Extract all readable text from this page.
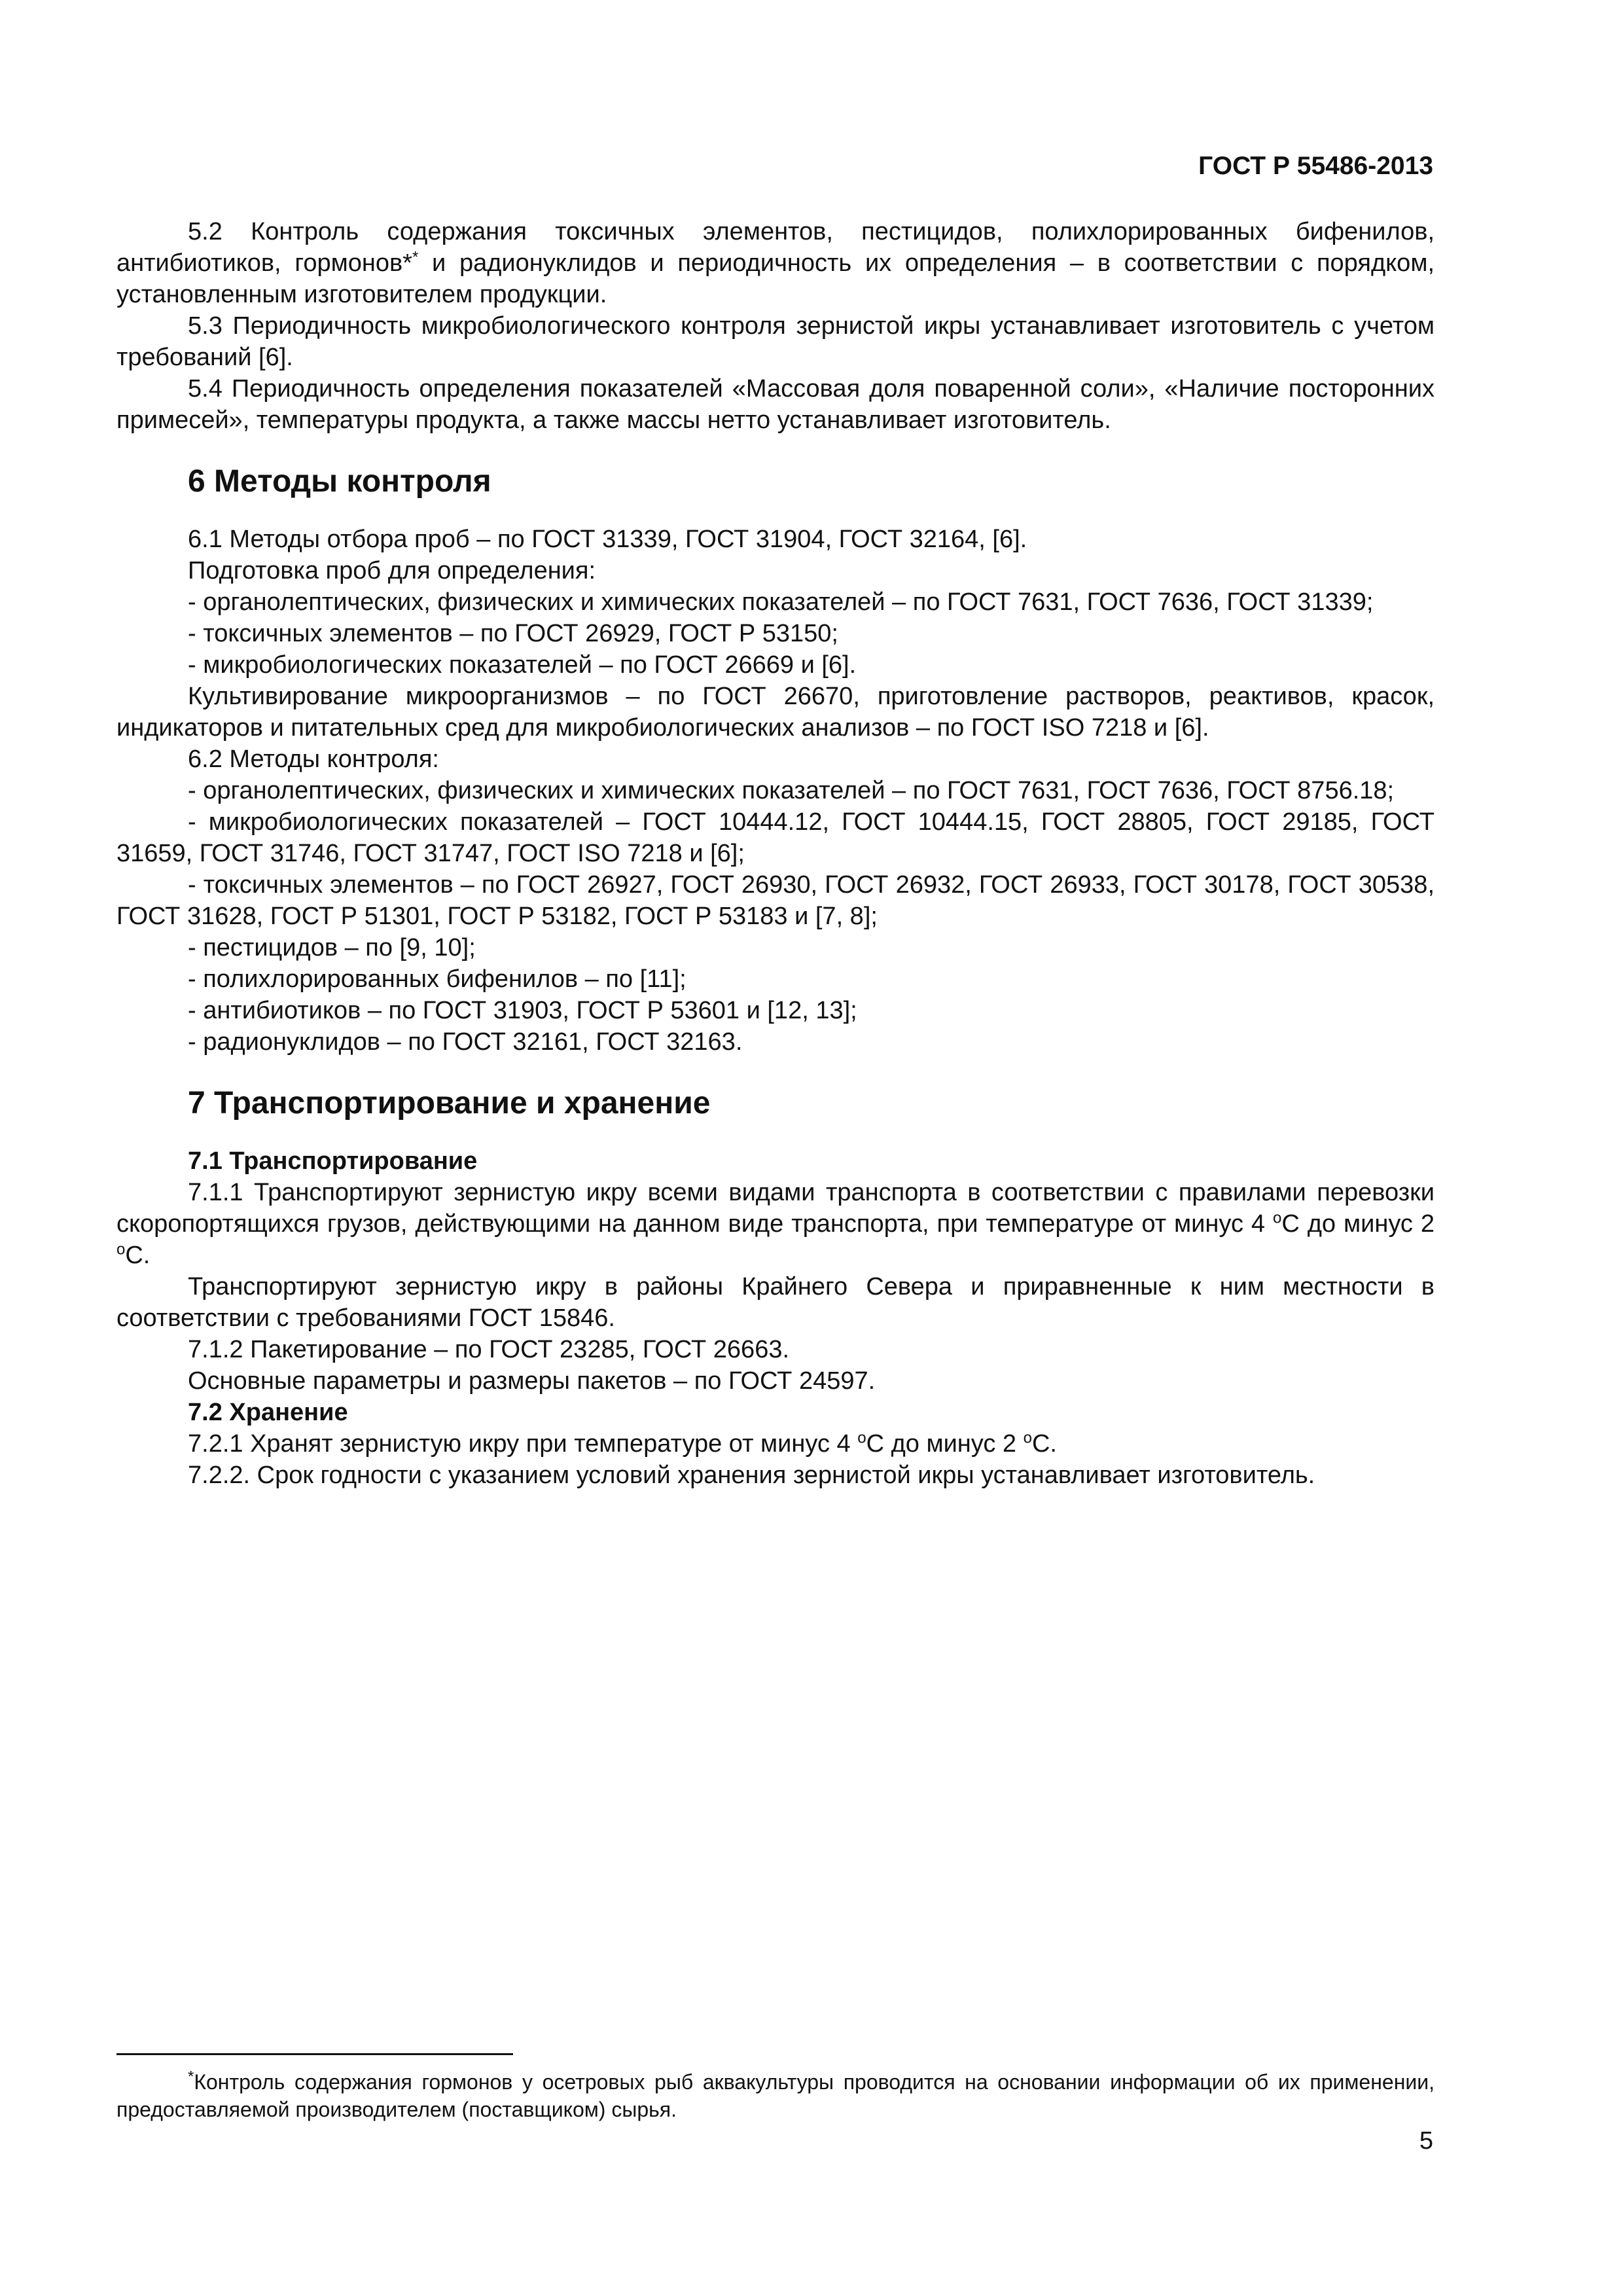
ГОСТ Р 55486-2013

5.2 Контроль содержания токсичных элементов, пестицидов, полихлорированных бифенилов, антибиотиков, гормонов** и радионуклидов и периодичность их определения – в соответствии с порядком, установленным изготовителем продукции.

5.3 Периодичность микробиологического контроля зернистой икры устанавливает изготовитель с учетом требований [6].

5.4 Периодичность определения показателей «Массовая доля поваренной соли», «Наличие посторонних примесей», температуры продукта, а также массы нетто устанавливает изготовитель.

6 Методы контроля

6.1 Методы отбора проб – по ГОСТ 31339, ГОСТ 31904, ГОСТ 32164, [6].

Подготовка проб для определения:

- органолептических, физических и химических показателей – по ГОСТ 7631, ГОСТ 7636, ГОСТ 31339;

- токсичных элементов – по ГОСТ 26929, ГОСТ Р 53150;

- микробиологических показателей – по ГОСТ 26669 и [6].

Культивирование микроорганизмов – по ГОСТ 26670, приготовление растворов, реактивов, красок, индикаторов и питательных сред для микробиологических анализов – по ГОСТ ISO 7218 и [6].

6.2 Методы контроля:

- органолептических, физических и химических показателей – по ГОСТ 7631, ГОСТ 7636, ГОСТ 8756.18;

- микробиологических показателей – ГОСТ 10444.12, ГОСТ 10444.15, ГОСТ 28805, ГОСТ 29185, ГОСТ 31659, ГОСТ 31746, ГОСТ 31747, ГОСТ ISO 7218 и [6];

- токсичных элементов – по ГОСТ 26927, ГОСТ 26930, ГОСТ 26932, ГОСТ 26933, ГОСТ 30178, ГОСТ 30538, ГОСТ 31628, ГОСТ Р 51301, ГОСТ Р 53182, ГОСТ Р 53183 и [7, 8];

- пестицидов – по [9, 10];

- полихлорированных бифенилов – по [11];

- антибиотиков – по ГОСТ 31903, ГОСТ Р 53601 и [12, 13];

- радионуклидов – по ГОСТ 32161, ГОСТ 32163.

7 Транспортирование и хранение

7.1 Транспортирование

7.1.1 Транспортируют зернистую икру всеми видами транспорта в соответствии с правилами перевозки скоропортящихся грузов, действующими на данном виде транспорта, при температуре от минус 4 $^о$С до минус 2 $^о$С.

Транспортируют зернистую икру в районы Крайнего Севера и приравненные к ним местности в соответствии с требованиями ГОСТ 15846.

7.1.2 Пакетирование – по ГОСТ 23285, ГОСТ 26663.

Основные параметры и размеры пакетов – по ГОСТ 24597.

7.2 Хранение

7.2.1 Хранят зернистую икру при температуре от минус 4 $^о$С до минус 2 $^о$С.

7.2.2. Срок годности с указанием условий хранения зернистой икры устанавливает изготовитель.

*Контроль содержания гормонов у осетровых рыб аквакультуры проводится на основании информации об их применении, предоставляемой производителем (поставщиком) сырья.

5
